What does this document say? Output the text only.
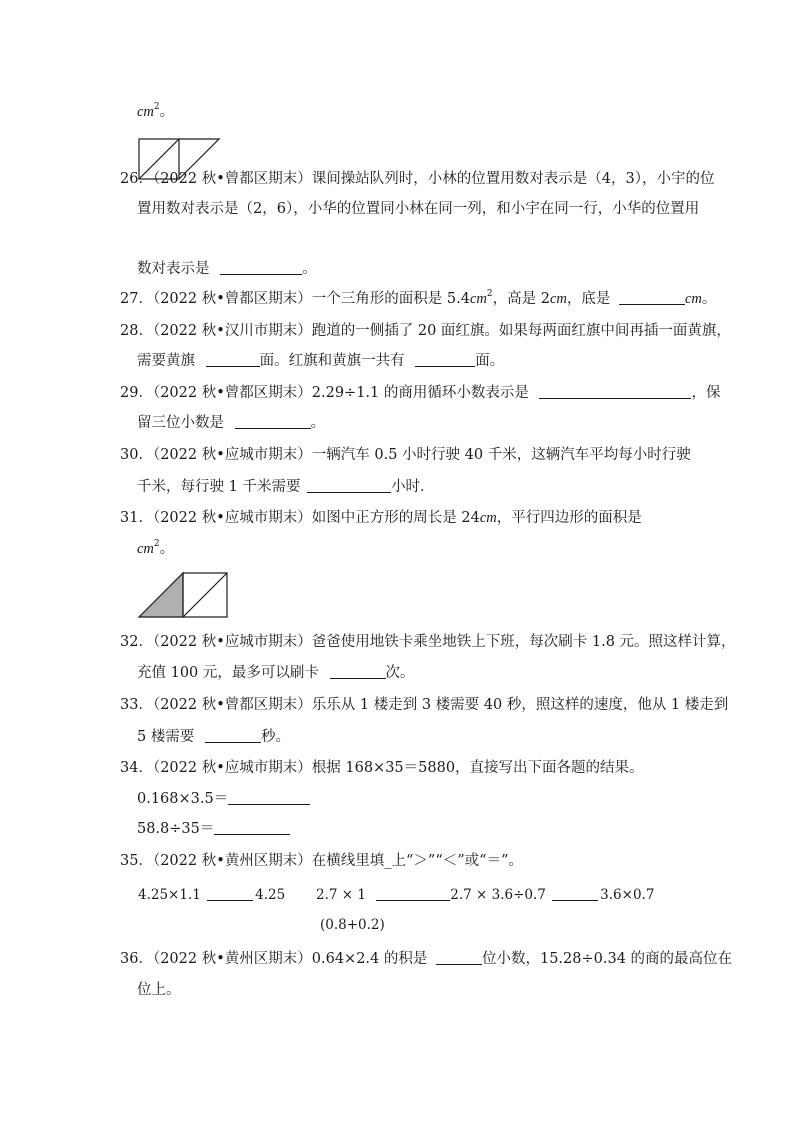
$cm^2$。
26．（2022 秋•曾都区期末）课间操站队列时，小林的位置用数对表示是（4，3），小宇的位
置用数对表示是（2，6），小华的位置同小林在同一列，和小宇在同一行，小华的位置用
数对表示是	。
27．（2022 秋•曾都区期末）一个三角形的面积是 $5.4cm^2$，高是 2cm，底是	cm。
28．（2022 秋•汉川市期末）跑道的一侧插了 20 面红旗。如果每两面红旗中间再插一面黄旗，
需要黄旗	面。红旗和黄旗一共有	面。
29．（2022 秋•曾都区期末）2.29÷1.1 的商用循环小数表示是	，保
留三位小数是	。
30．（2022 秋•应城市期末）一辆汽车 0.5 小时行驶 40 千米，这辆汽车平均每小时行驶
千米，每行驶 1 千米需要	小时．
31．（2022 秋•应城市期末）如图中正方形的周长是 24cm，平行四边形的面积是
$cm^2$。
32．（2022 秋•应城市期末）爸爸使用地铁卡乘坐地铁上下班，每次刷卡 1.8 元。照这样计算，
充值 100 元，最多可以刷卡	次。
33．（2022 秋•曾都区期末）乐乐从 1 楼走到 3 楼需要 40 秒，照这样的速度，他从 1 楼走到
5 楼需要	秒。
34．（2022 秋•应城市期末）根据 168×35＝5880，直接写出下面各题的结果。
0.168×3.5＝
58.8÷35＝
35．（2022 秋•黄州区期末）在横线里填_上“＞”“＜”或“＝”。
4.25×1.1	4.25 2.7 × 1	2.7 × 3.6÷0.7	3.6×0.7
(0.8+0.2)
36．（2022 秋•黄州区期末）0.64×2.4 的积是	位小数，15.28÷0.34 的商的最高位在
位上。
